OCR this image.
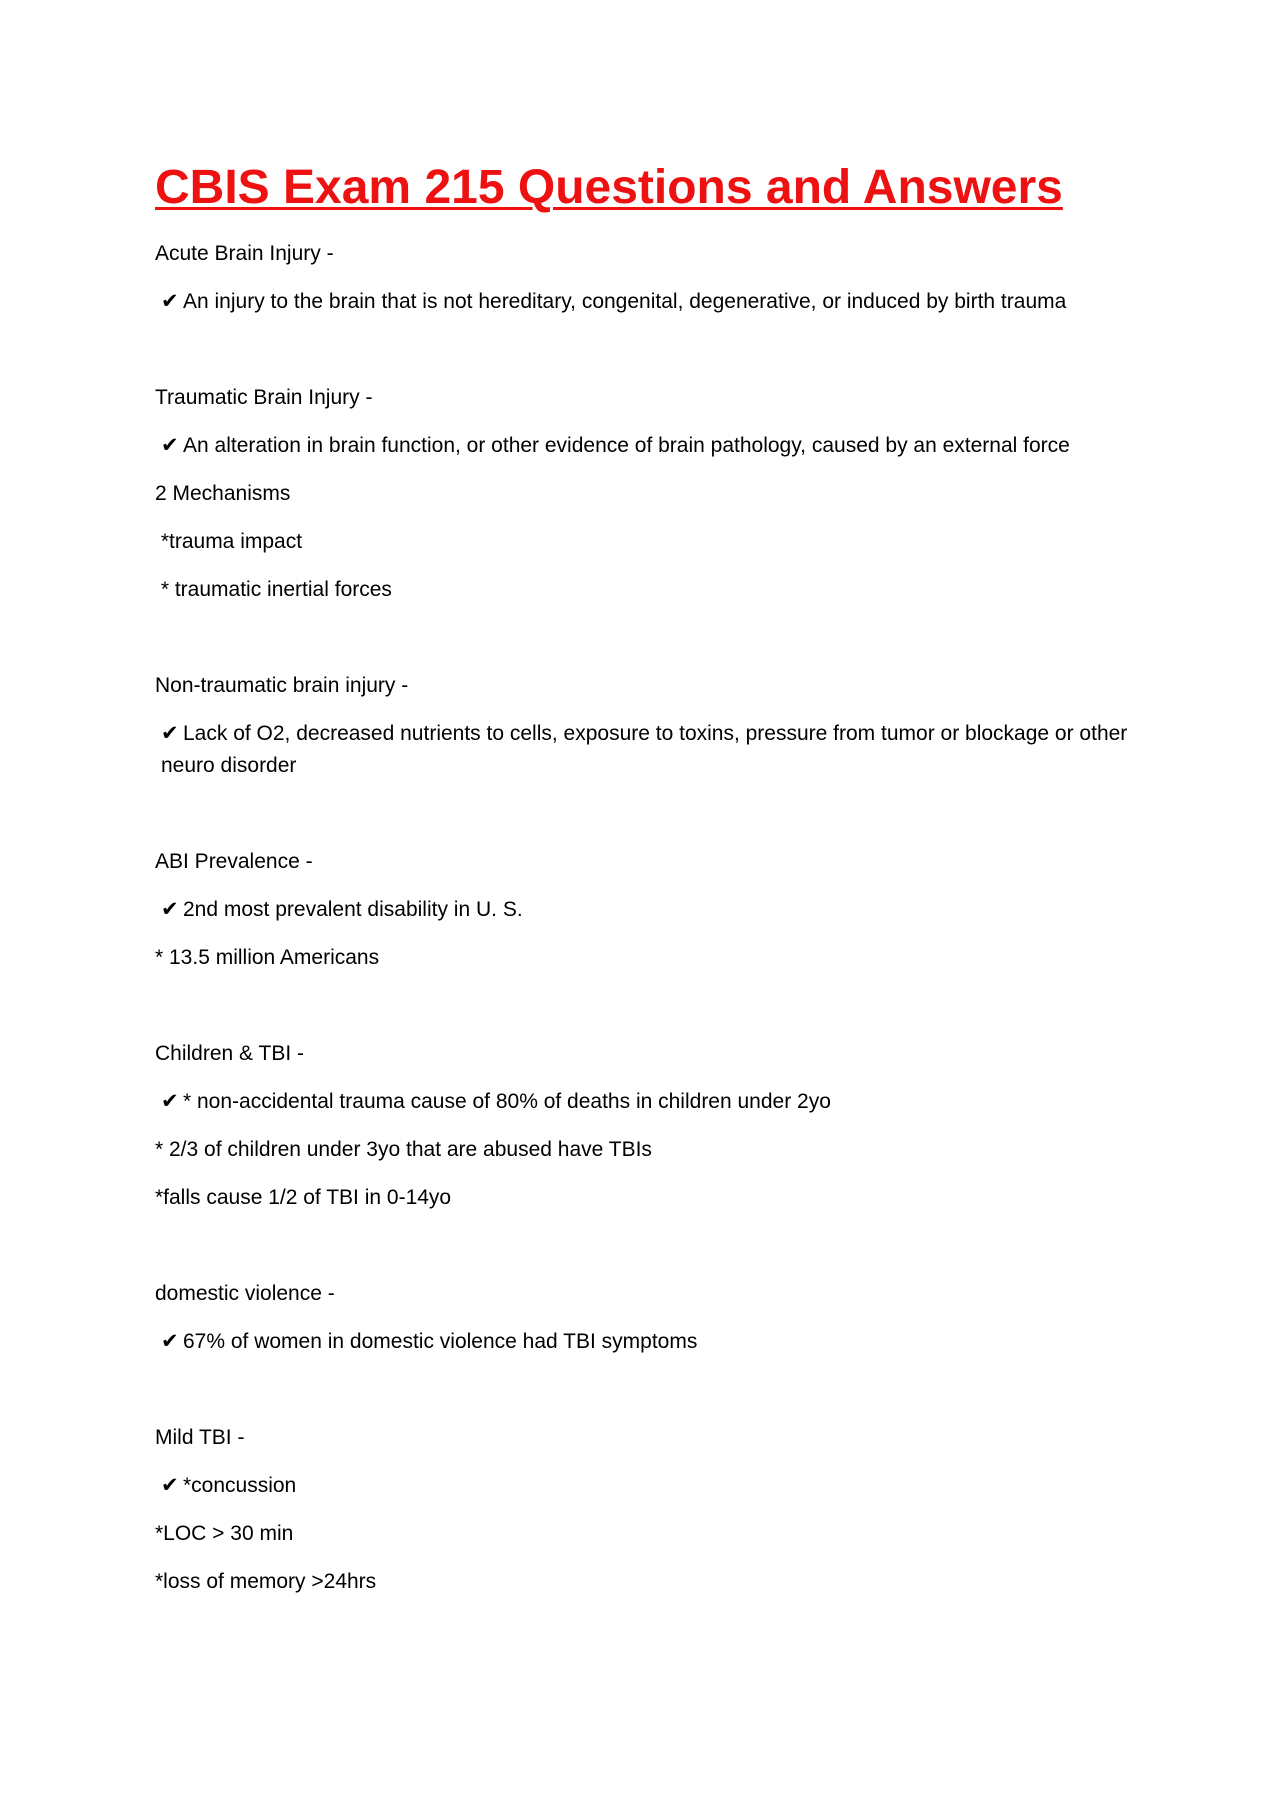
CBIS Exam 215 Questions and Answers
Acute Brain Injury -
✔ An injury to the brain that is not hereditary, congenital, degenerative, or induced by birth trauma
Traumatic Brain Injury -
✔ An alteration in brain function, or other evidence of brain pathology, caused by an external force
2 Mechanisms
*trauma impact
* traumatic inertial forces
Non-traumatic brain injury -
✔ Lack of O2, decreased nutrients to cells, exposure to toxins, pressure from tumor or blockage or other neuro disorder
ABI Prevalence -
✔ 2nd most prevalent disability in U. S.
* 13.5 million Americans
Children & TBI -
✔ * non-accidental trauma cause of 80% of deaths in children under 2yo
* 2/3 of children under 3yo that are abused have TBIs
*falls cause 1/2 of TBI in 0-14yo
domestic violence -
✔ 67% of women in domestic violence had TBI symptoms
Mild TBI -
✔ *concussion
*LOC > 30 min
*loss of memory >24hrs
